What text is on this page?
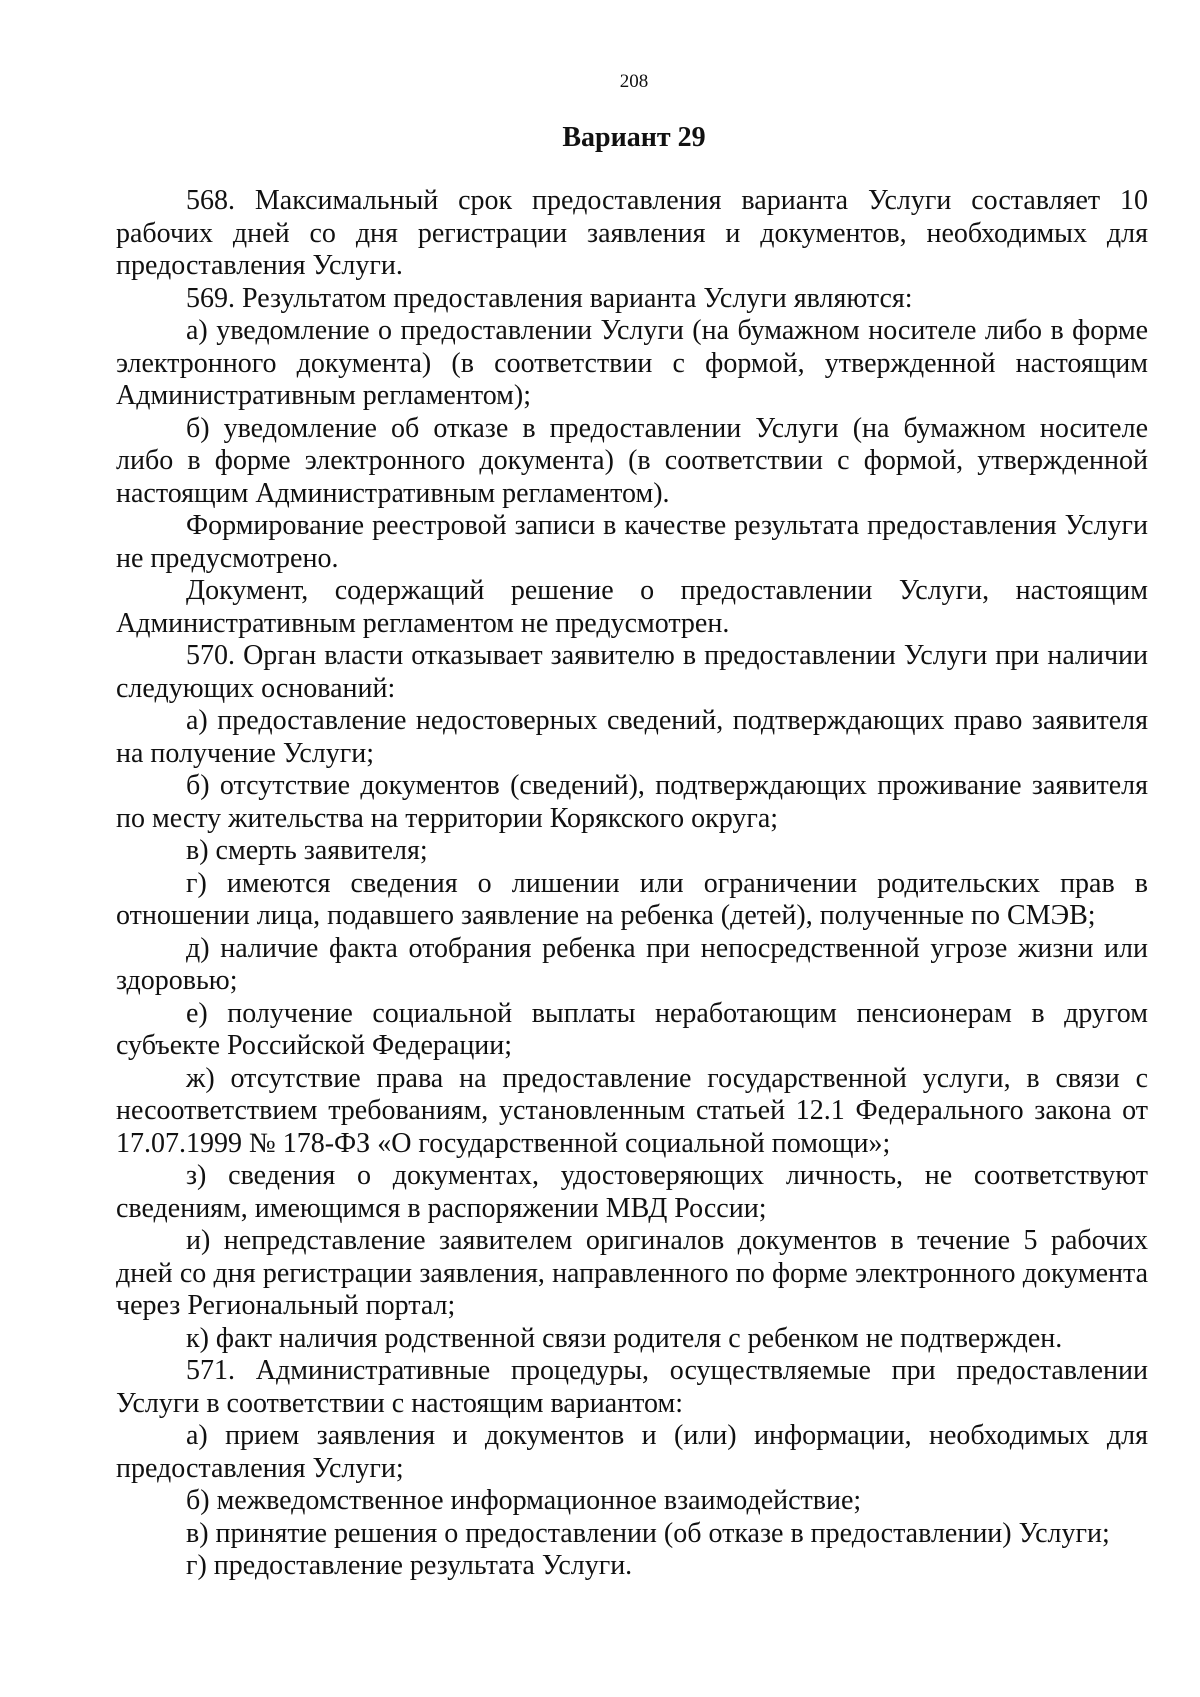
208
Вариант 29

568. Максимальный срок предоставления варианта Услуги составляет 10 рабочих дней со дня регистрации заявления и документов, необходимых для предоставления Услуги.

569. Результатом предоставления варианта Услуги являются:

а) уведомление о предоставлении Услуги (на бумажном носителе либо в форме электронного документа) (в соответствии с формой, утвержденной настоящим Административным регламентом);

б) уведомление об отказе в предоставлении Услуги (на бумажном носителе либо в форме электронного документа) (в соответствии с формой, утвержденной настоящим Административным регламентом).

Формирование реестровой записи в качестве результата предоставления Услуги не предусмотрено.

Документ, содержащий решение о предоставлении Услуги, настоящим Административным регламентом не предусмотрен.

570. Орган власти отказывает заявителю в предоставлении Услуги при наличии следующих оснований:

а) предоставление недостоверных сведений, подтверждающих право заявителя на получение Услуги;

б) отсутствие документов (сведений), подтверждающих проживание заявителя по месту жительства на территории Корякского округа;

в) смерть заявителя;

г) имеются сведения о лишении или ограничении родительских прав в отношении лица, подавшего заявление на ребенка (детей), полученные по СМЭВ;

д) наличие факта отобрания ребенка при непосредственной угрозе жизни или здоровью;

е) получение социальной выплаты неработающим пенсионерам в другом субъекте Российской Федерации;

ж) отсутствие права на предоставление государственной услуги, в связи с несоответствием требованиям, установленным статьей 12.1 Федерального закона от 17.07.1999 № 178-ФЗ «О государственной социальной помощи»;

з) сведения о документах, удостоверяющих личность, не соответствуют сведениям, имеющимся в распоряжении МВД России;

и) непредставление заявителем оригиналов документов в течение 5 рабочих дней со дня регистрации заявления, направленного по форме электронного документа через Региональный портал;

к) факт наличия родственной связи родителя с ребенком не подтвержден.

571. Административные процедуры, осуществляемые при предоставлении Услуги в соответствии с настоящим вариантом:

а) прием заявления и документов и (или) информации, необходимых для предоставления Услуги;

б) межведомственное информационное взаимодействие;

в) принятие решения о предоставлении (об отказе в предоставлении) Услуги;

г) предоставление результата Услуги.
